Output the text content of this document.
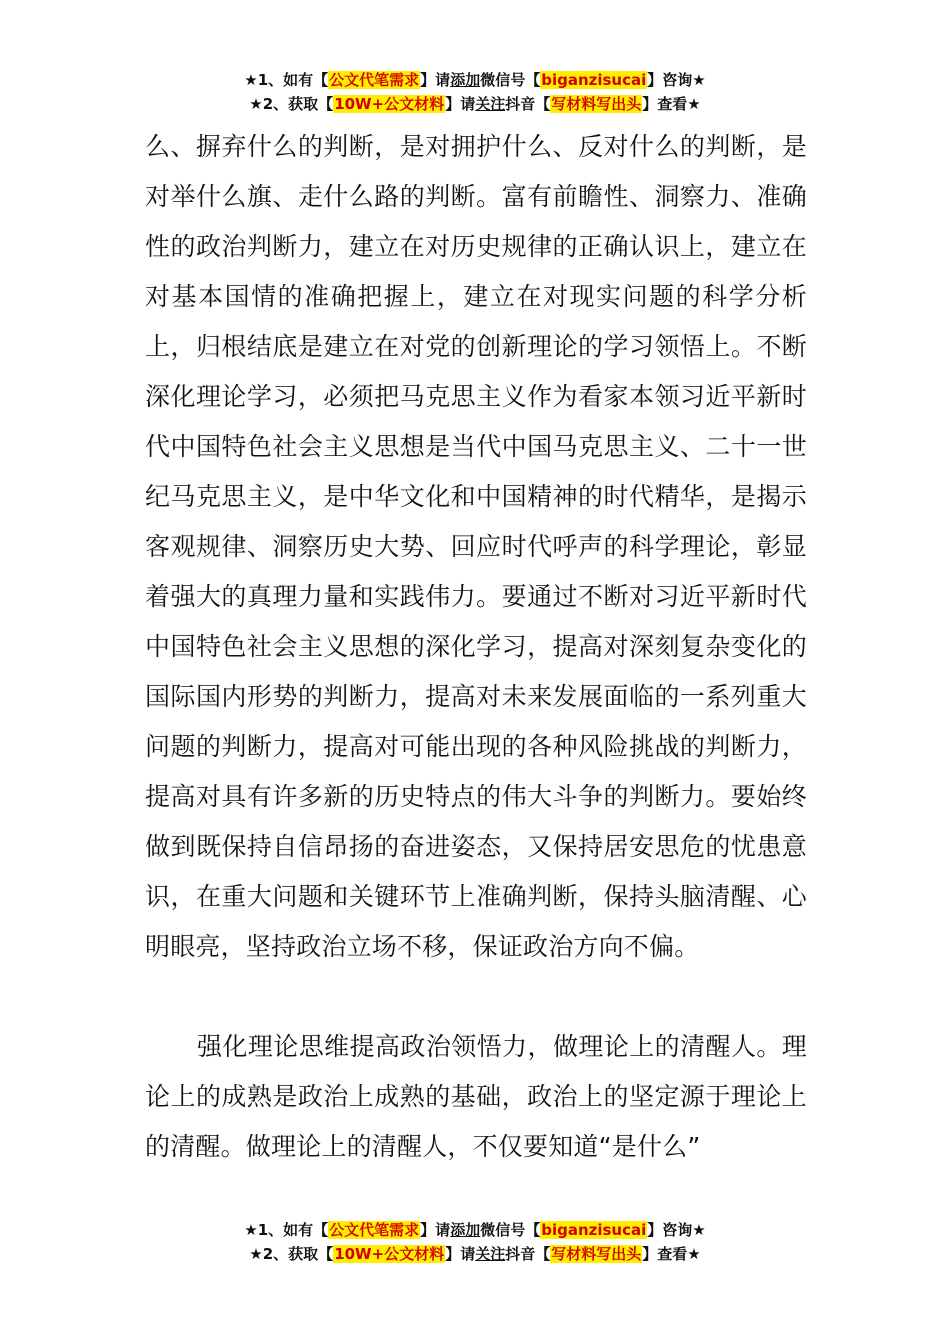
★1、如有【公文代笔需求】请添加微信号【biganzisucai】咨询★
★2、获取【10W+公文材料】请关注抖音【写材料写出头】查看★

么、摒弃什么的判断，是对拥护什么、反对什么的判断，是对举什么旗、走什么路的判断。富有前瞻性、洞察力、准确性的政治判断力，建立在对历史规律的正确认识上，建立在对基本国情的准确把握上，建立在对现实问题的科学分析上，归根结底是建立在对党的创新理论的学习领悟上。不断深化理论学习，必须把马克思主义作为看家本领习近平新时代中国特色社会主义思想是当代中国马克思主义、二十一世纪马克思主义，是中华文化和中国精神的时代精华，是揭示客观规律、洞察历史大势、回应时代呼声的科学理论，彰显着强大的真理力量和实践伟力。要通过不断对习近平新时代中国特色社会主义思想的深化学习，提高对深刻复杂变化的国际国内形势的判断力，提高对未来发展面临的一系列重大问题的判断力，提高对可能出现的各种风险挑战的判断力，提高对具有许多新的历史特点的伟大斗争的判断力。要始终做到既保持自信昂扬的奋进姿态，又保持居安思危的忧患意识，在重大问题和关键环节上准确判断，保持头脑清醒、心明眼亮，坚持政治立场不移，保证政治方向不偏。

强化理论思维提高政治领悟力，做理论上的清醒人。理论上的成熟是政治上成熟的基础，政治上的坚定源于理论上的清醒。做理论上的清醒人，不仅要知道“是什么”

★1、如有【公文代笔需求】请添加微信号【biganzisucai】咨询★
★2、获取【10W+公文材料】请关注抖音【写材料写出头】查看★
